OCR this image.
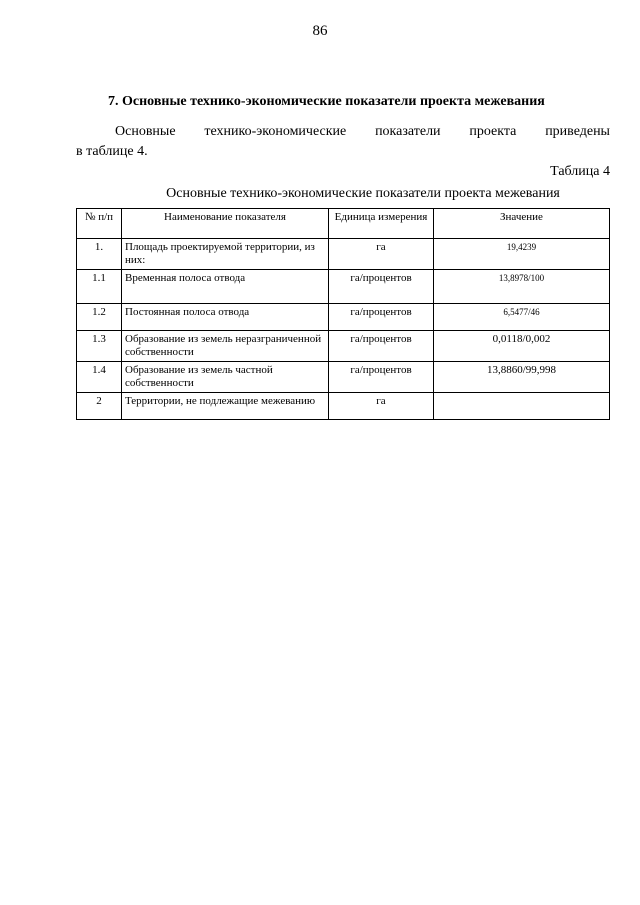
86
7. Основные технико-экономические показатели проекта межевания
Основные технико-экономические показатели проекта приведены
в таблице 4.
Таблица 4
Основные технико-экономические показатели проекта межевания
№ п/п	Наименование показателя	Единица измерения	Значение
1.	Площадь проектируемой территории, из них:	га	19,4239
1.1	Временная полоса отвода	га/процентов	13,8978/100
1.2	Постоянная полоса отвода	га/процентов	6,5477/46
1.3	Образование из земель неразграниченной собственности	га/процентов	0,0118/0,002
1.4	Образование из земель частной собственности	га/процентов	13,8860/99,998
2	Территории, не подлежащие межеванию	га	
